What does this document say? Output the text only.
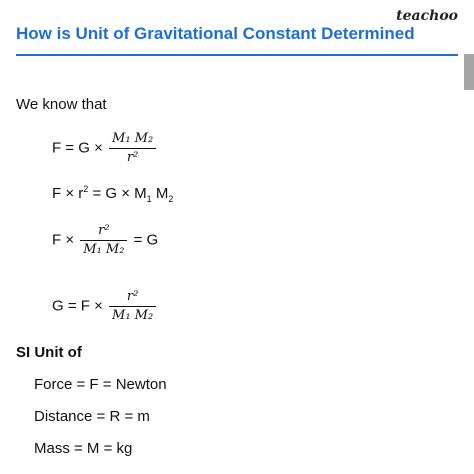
teachoo
How is Unit of Gravitational Constant Determined
We know that
$F = G \times \frac{\text{M₁ M₂}}{\text{r²}}$
$F \times r^2 = G \times M_1$ $M_2$
$F \times \frac{\text{r²}}{\text{M₁ M₂}} = G$
$G = F \times \frac{\text{r²}}{\text{M₁ M₂}}$
SI Unit of
Force = F = Newton
Distance = R = m
Mass = M = kg
